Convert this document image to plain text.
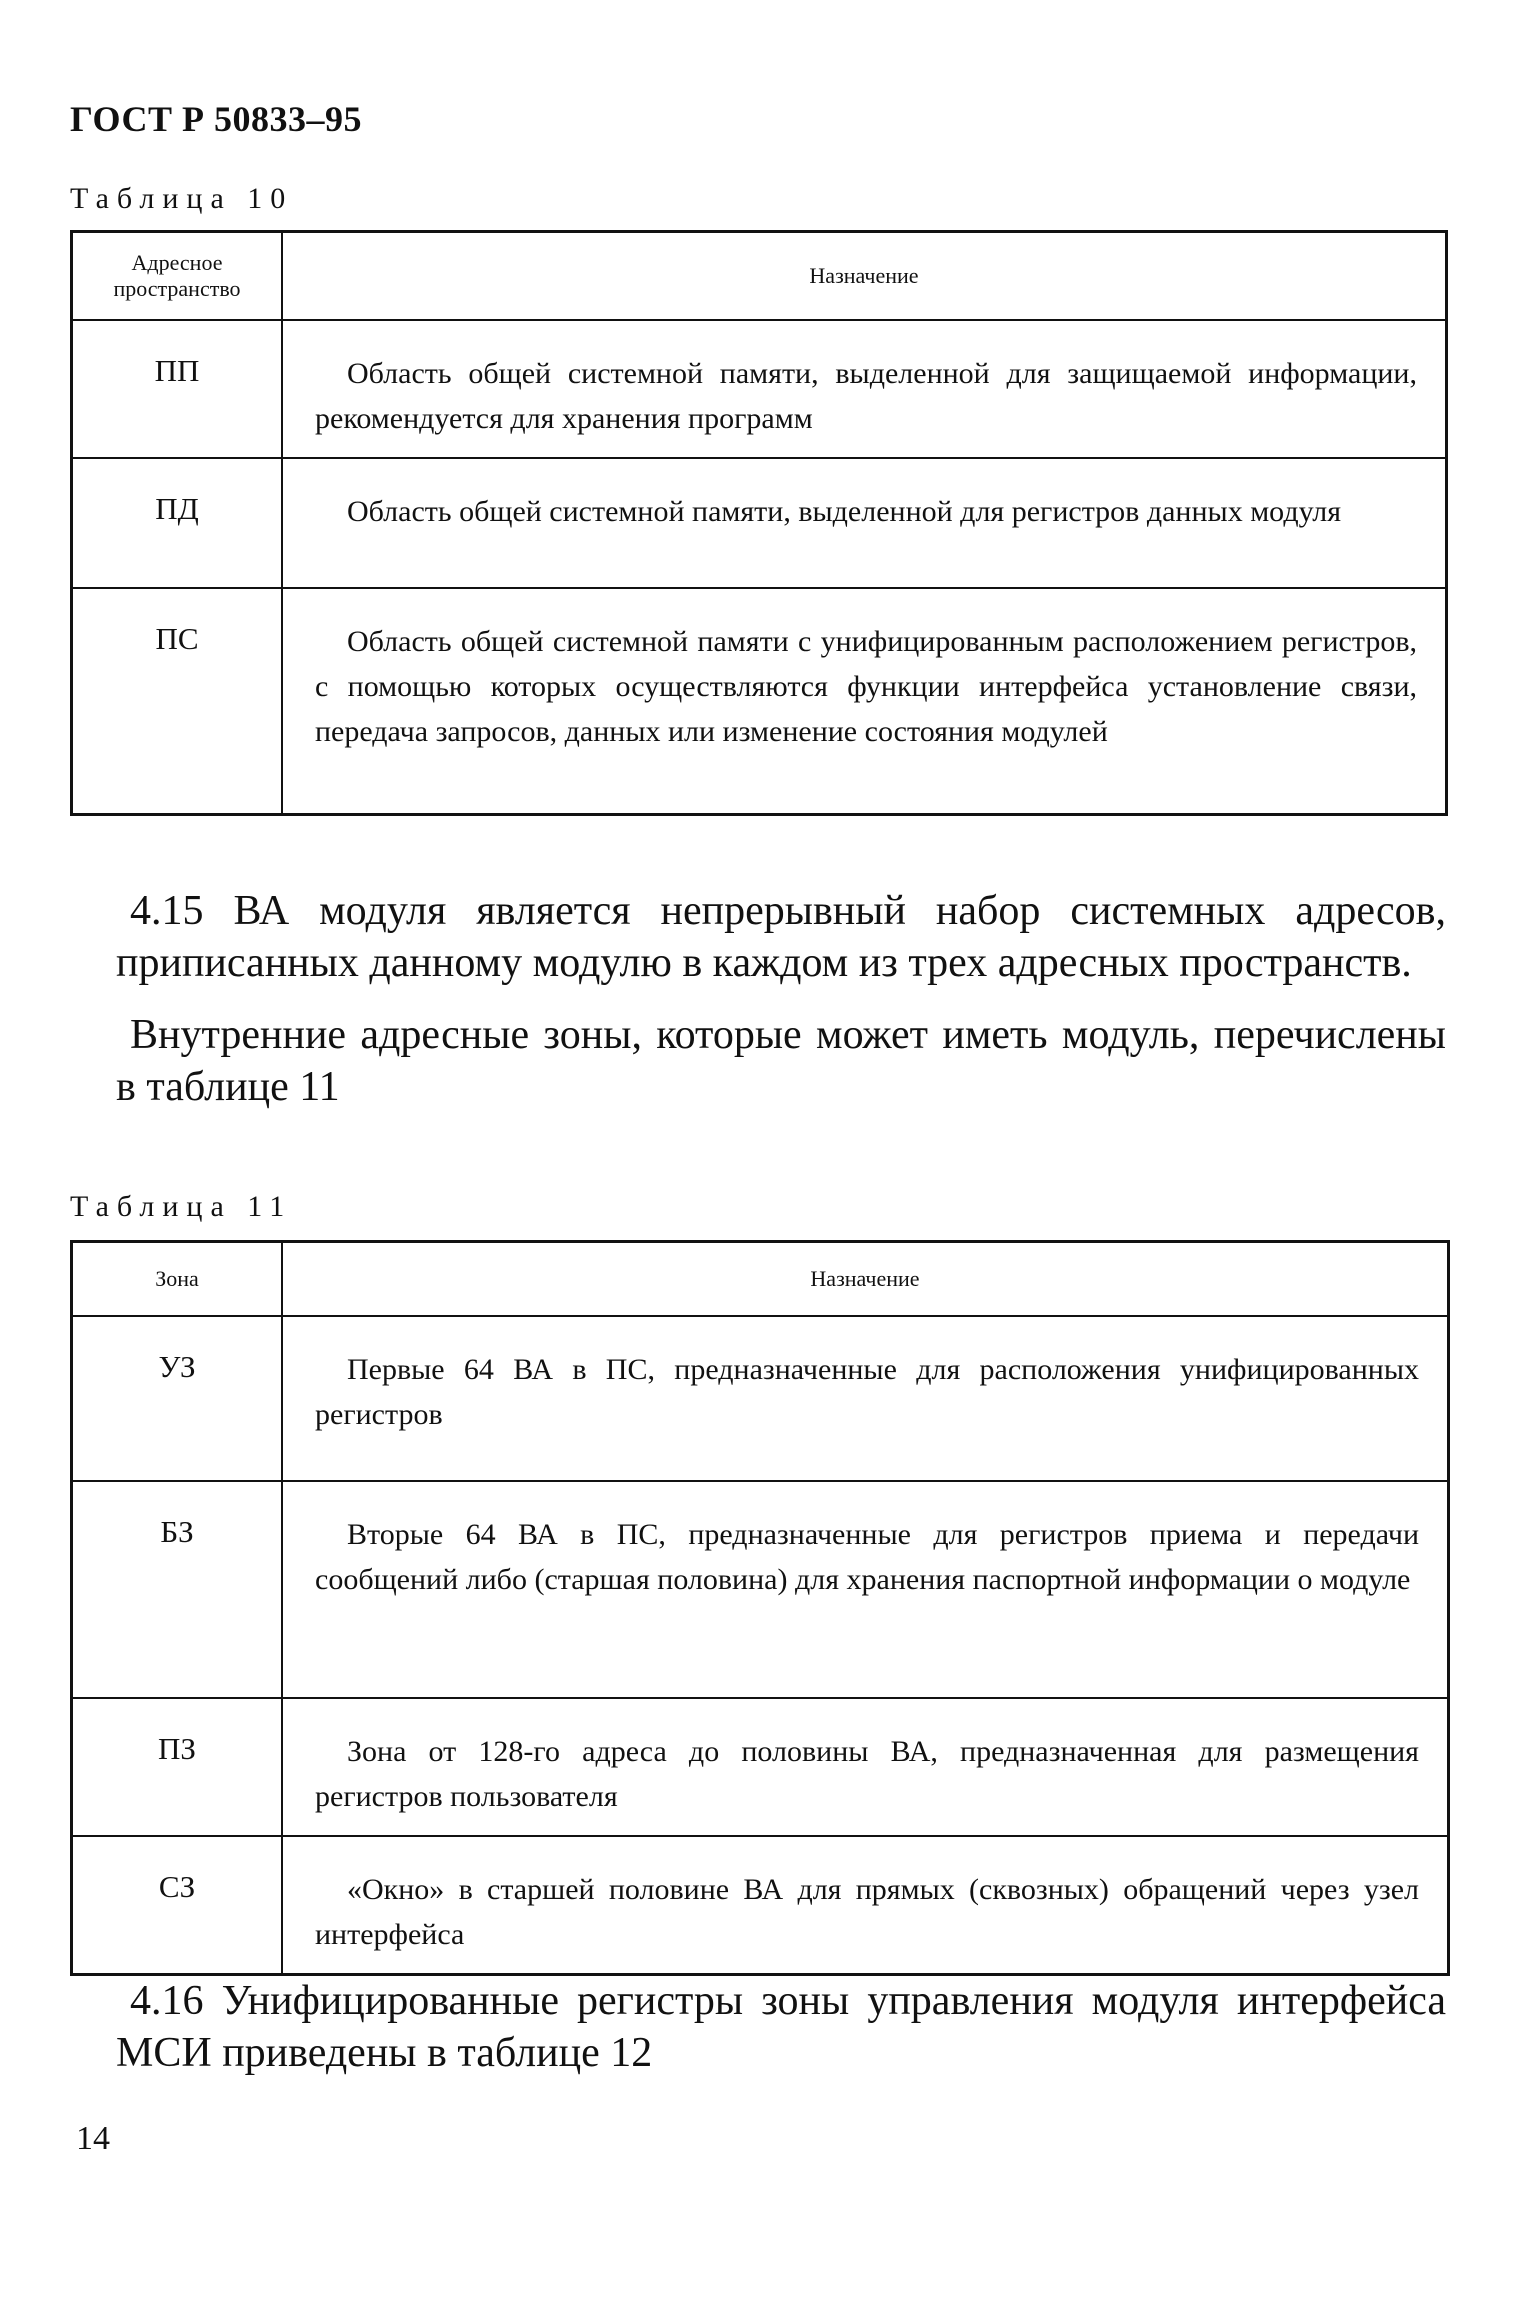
ГОСТ Р 50833–95
Таблица 10
Адресное пространство	Назначение
ПП	Область общей системной памяти, выделенной для защищаемой информации, рекомендуется для хранения программ

ПД	Область общей системной памяти, выделенной для регистров данных модуля

ПС	Область общей системной памяти с унифицированным расположением регистров, с помощью которых осуществляются функции интерфейса установление связи, передача запросов, данных или изменение состояния модулей

4.15 ВА модуля является непрерывный набор системных адресов, приписанных данному модулю в каждом из трех адресных пространств.

Внутренние адресные зоны, которые может иметь модуль, перечислены в таблице 11

Таблица 11
Зона	Назначение
УЗ	Первые 64 ВА в ПС, предназначенные для расположения унифицированных регистров

БЗ	Вторые 64 ВА в ПС, предназначенные для регистров приема и передачи сообщений либо (старшая половина) для хранения паспортной информации о модуле

ПЗ	Зона от 128-го адреса до половины ВА, предназначенная для размещения регистров пользователя

СЗ	«Окно» в старшей половине ВА для прямых (сквозных) обращений через узел интерфейса

4.16 Унифицированные регистры зоны управления модуля интерфейса МСИ приведены в таблице 12

14
